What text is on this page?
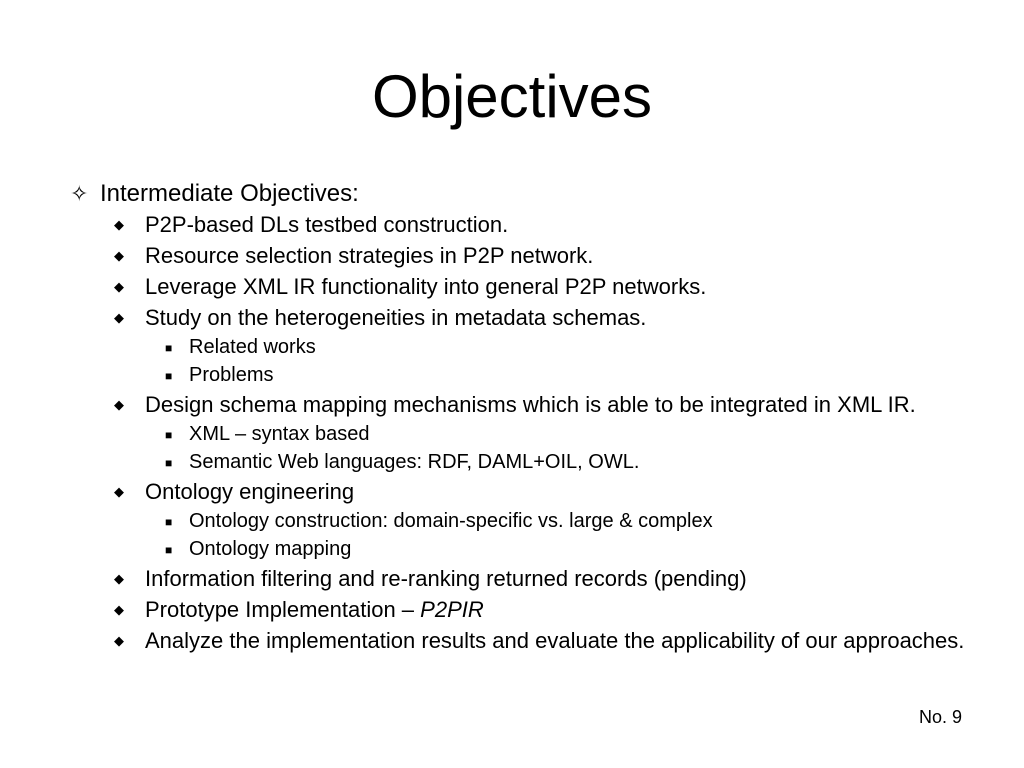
Objectives
✧ Intermediate Objectives:
◆ P2P-based DLs testbed construction.
◆ Resource selection strategies in P2P network.
◆ Leverage XML IR functionality into general P2P networks.
◆ Study on the heterogeneities in metadata schemas.
■ Related works
■ Problems
◆ Design schema mapping mechanisms which is able to be integrated in XML IR.
■ XML – syntax based
■ Semantic Web languages: RDF, DAML+OIL, OWL.
◆ Ontology engineering
■ Ontology construction: domain-specific vs. large & complex
■ Ontology mapping
◆ Information filtering and re-ranking returned records (pending)
◆ Prototype Implementation – P2PIR
◆ Analyze the implementation results and evaluate the applicability of our approaches.
No. 9
